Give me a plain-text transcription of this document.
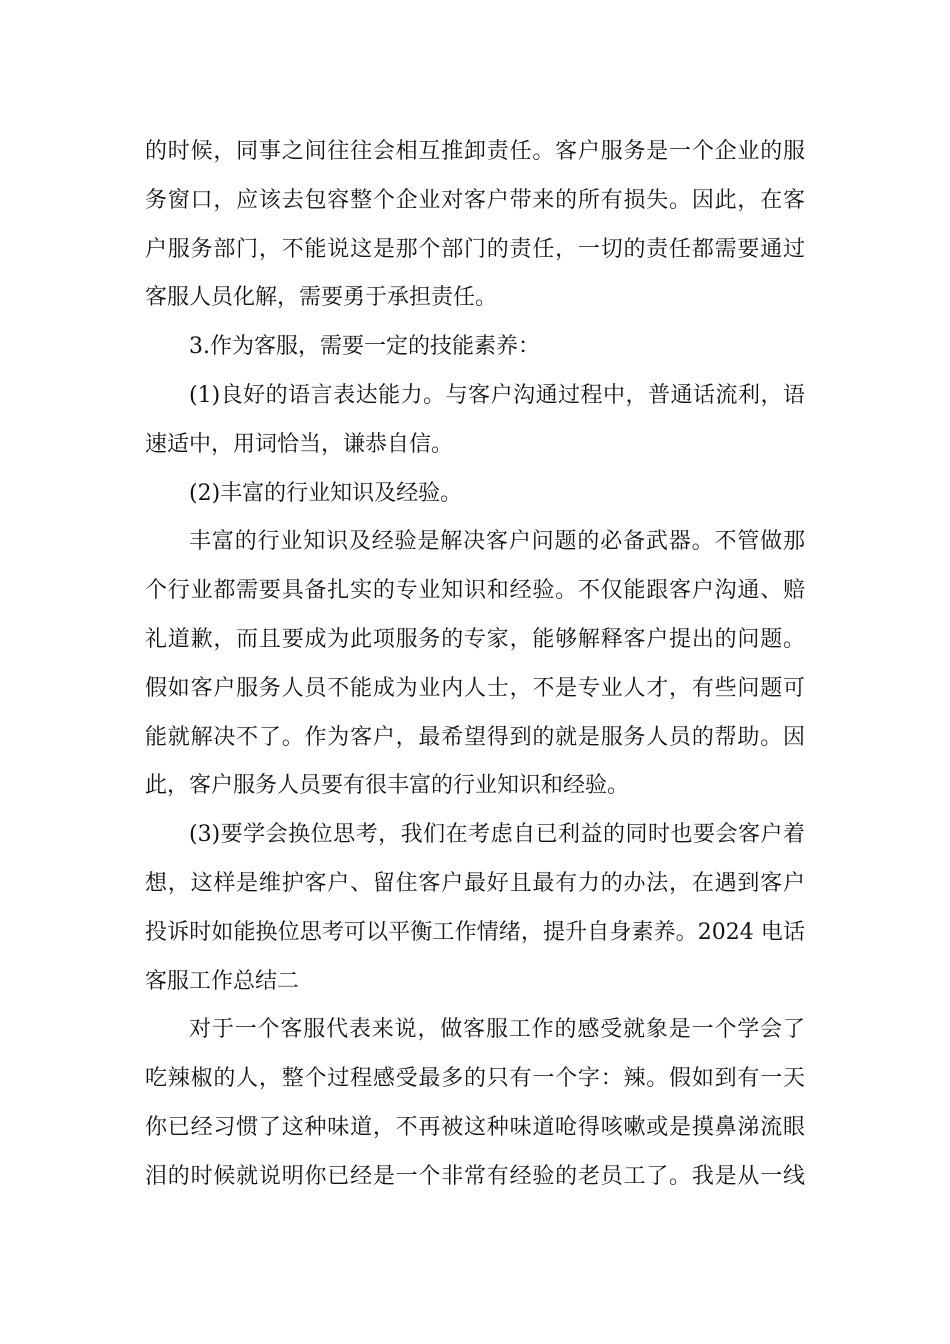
的时候，同事之间往往会相互推卸责任。客户服务是一个企业的服
务窗口，应该去包容整个企业对客户带来的所有损失。因此，在客
户服务部门，不能说这是那个部门的责任，一切的责任都需要通过
客服人员化解，需要勇于承担责任。
3.作为客服，需要一定的技能素养：
(1)良好的语言表达能力。与客户沟通过程中，普通话流利，语
速适中，用词恰当，谦恭自信。
(2)丰富的行业知识及经验。
丰富的行业知识及经验是解决客户问题的必备武器。不管做那
个行业都需要具备扎实的专业知识和经验。不仅能跟客户沟通、赔
礼道歉，而且要成为此项服务的专家，能够解释客户提出的问题。
假如客户服务人员不能成为业内人士，不是专业人才，有些问题可
能就解决不了。作为客户，最希望得到的就是服务人员的帮助。因
此，客户服务人员要有很丰富的行业知识和经验。
(3)要学会换位思考，我们在考虑自已利益的同时也要会客户着
想，这样是维护客户、留住客户最好且最有力的办法，在遇到客户
投诉时如能换位思考可以平衡工作情绪，提升自身素养。2024 电话
客服工作总结二
对于一个客服代表来说，做客服工作的感受就象是一个学会了
吃辣椒的人，整个过程感受最多的只有一个字：辣。假如到有一天
你已经习惯了这种味道，不再被这种味道呛得咳嗽或是摸鼻涕流眼
泪的时候就说明你已经是一个非常有经验的老员工了。我是从一线
